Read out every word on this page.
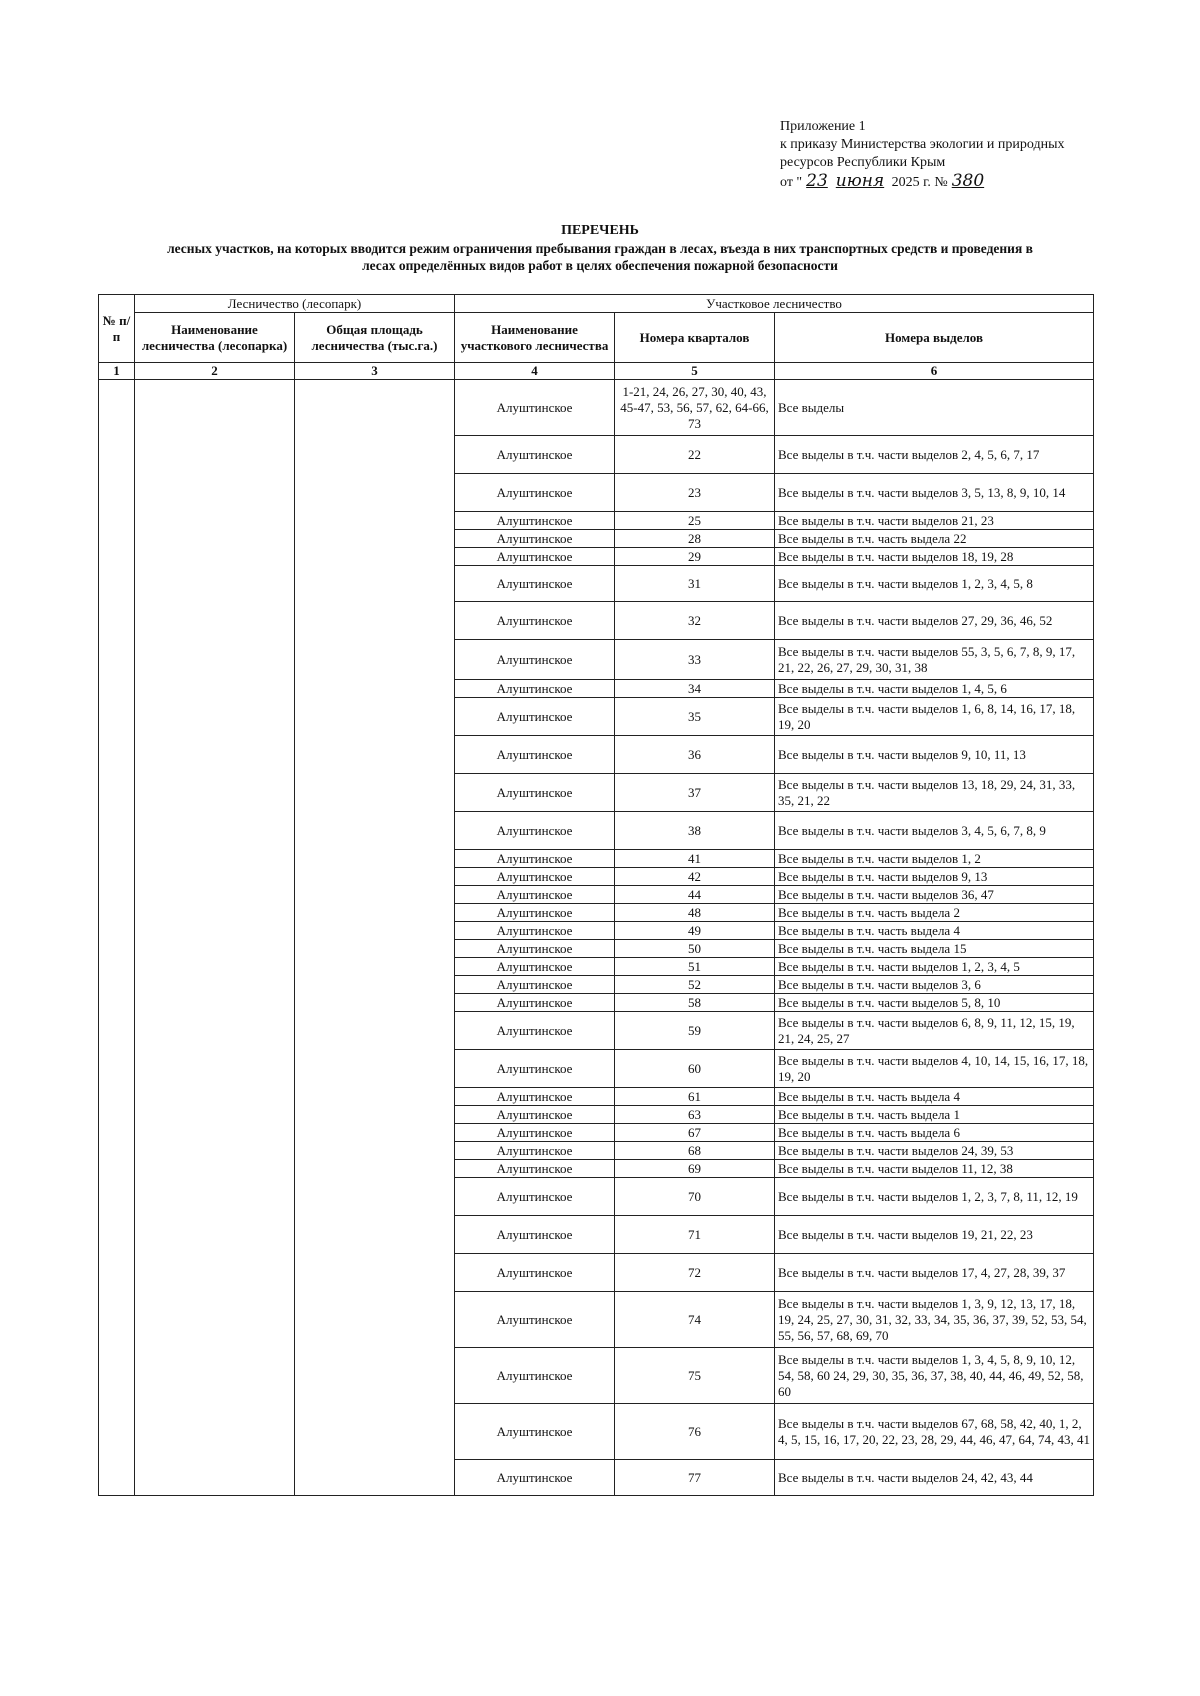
Приложение 1
к приказу Министерства экологии и природных
ресурсов Республики Крым
от " 23 июня 2025 г. № 380
ПЕРЕЧЕНЬ
лесных участков, на которых вводится режим ограничения пребывания граждан в лесах, въезда в них транспортных средств и проведения в
лесах определённых видов работ в целях обеспечения пожарной безопасности
№ п/п	Лесничество (лесопарк)		Участковое лесничество		
	Наименование лесничества (лесопарка)	Общая площадь лесничества (тыс.га.)	Наименование участкового лесничества	Номера кварталов	Номера выделов
1	2	3	4	5	6
			Алуштинское	1-21, 24, 26, 27, 30, 40, 43, 45-47, 53, 56, 57, 62, 64-66, 73	Все выделы
			Алуштинское	22	Все выделы в т.ч. части выделов 2, 4, 5, 6, 7, 17
			Алуштинское	23	Все выделы в т.ч. части выделов 3, 5, 13, 8, 9, 10, 14
			Алуштинское	25	Все выделы в т.ч. части выделов 21, 23
			Алуштинское	28	Все выделы в т.ч. часть выдела 22
			Алуштинское	29	Все выделы в т.ч. части выделов 18, 19, 28
			Алуштинское	31	Все выделы в т.ч. части выделов 1, 2, 3, 4, 5, 8
			Алуштинское	32	Все выделы в т.ч. части выделов 27, 29, 36, 46, 52
			Алуштинское	33	Все выделы в т.ч. части выделов 55, 3, 5, 6, 7, 8, 9, 17, 21, 22, 26, 27, 29, 30, 31, 38
			Алуштинское	34	Все выделы в т.ч. части выделов 1, 4, 5, 6
			Алуштинское	35	Все выделы в т.ч. части выделов 1, 6, 8, 14, 16, 17, 18, 19, 20
			Алуштинское	36	Все выделы в т.ч. части выделов 9, 10, 11, 13
			Алуштинское	37	Все выделы в т.ч. части выделов 13, 18, 29, 24, 31, 33, 35, 21, 22
			Алуштинское	38	Все выделы в т.ч. части выделов 3, 4, 5, 6, 7, 8, 9
			Алуштинское	41	Все выделы в т.ч. части выделов 1, 2
			Алуштинское	42	Все выделы в т.ч. части выделов 9, 13
			Алуштинское	44	Все выделы в т.ч. части выделов 36, 47
			Алуштинское	48	Все выделы в т.ч. часть выдела 2
			Алуштинское	49	Все выделы в т.ч. часть выдела 4
			Алуштинское	50	Все выделы в т.ч. часть выдела 15
			Алуштинское	51	Все выделы в т.ч. части выделов 1, 2, 3, 4, 5
			Алуштинское	52	Все выделы в т.ч. части выделов 3, 6
			Алуштинское	58	Все выделы в т.ч. части выделов 5, 8, 10
			Алуштинское	59	Все выделы в т.ч. части выделов 6, 8, 9, 11, 12, 15, 19, 21, 24, 25, 27
			Алуштинское	60	Все выделы в т.ч. части выделов 4, 10, 14, 15, 16, 17, 18, 19, 20
			Алуштинское	61	Все выделы в т.ч. часть выдела 4
			Алуштинское	63	Все выделы в т.ч. часть выдела 1
			Алуштинское	67	Все выделы в т.ч. часть выдела 6
			Алуштинское	68	Все выделы в т.ч. части выделов 24, 39, 53
			Алуштинское	69	Все выделы в т.ч. части выделов 11, 12, 38
			Алуштинское	70	Все выделы в т.ч. части выделов 1, 2, 3, 7, 8, 11, 12, 19
			Алуштинское	71	Все выделы в т.ч. части выделов 19, 21, 22, 23
			Алуштинское	72	Все выделы в т.ч. части выделов 17, 4, 27, 28, 39, 37
			Алуштинское	74	Все выделы в т.ч. части выделов 1, 3, 9, 12, 13, 17, 18, 19, 24, 25, 27, 30, 31, 32, 33, 34, 35, 36, 37, 39, 52, 53, 54, 55, 56, 57, 68, 69, 70
			Алуштинское	75	Все выделы в т.ч. части выделов 1, 3, 4, 5, 8, 9, 10, 12, 54, 58, 60 24, 29, 30, 35, 36, 37, 38, 40, 44, 46, 49, 52, 58, 60
			Алуштинское	76	Все выделы в т.ч. части выделов 67, 68, 58, 42, 40, 1, 2, 4, 5, 15, 16, 17, 20, 22, 23, 28, 29, 44, 46, 47, 64, 74, 43, 41
			Алуштинское	77	Все выделы в т.ч. части выделов 24, 42, 43, 44
